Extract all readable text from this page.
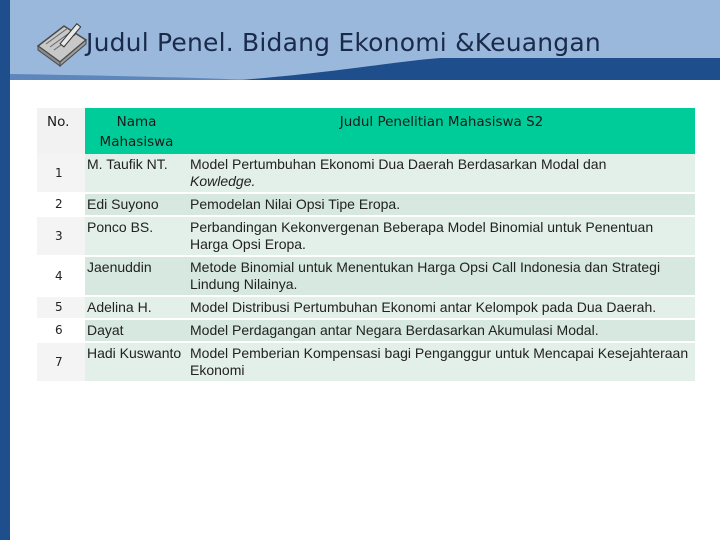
Judul Penel. Bidang Ekonomi &Keuangan
No.	Nama Mahasiswa	Judul Penelitian Mahasiswa S2
1	M. Taufik NT.	Model Pertumbuhan Ekonomi Dua Daerah Berdasarkan Modal dan
Kowledge.
2	Edi Suyono	Pemodelan Nilai Opsi Tipe Eropa.
3	Ponco BS.	Perbandingan Kekonvergenan Beberapa Model Binomial untuk Penentuan Harga Opsi Eropa.
4	Jaenuddin	Metode Binomial untuk Menentukan Harga Opsi Call Indonesia dan Strategi Lindung Nilainya.
5	Adelina H.	Model Distribusi Pertumbuhan Ekonomi antar Kelompok pada Dua Daerah.
6	Dayat	Model Perdagangan antar Negara Berdasarkan Akumulasi Modal.
7	Hadi Kuswanto	Model Pemberian Kompensasi bagi Penganggur untuk Mencapai Kesejahteraan Ekonomi
